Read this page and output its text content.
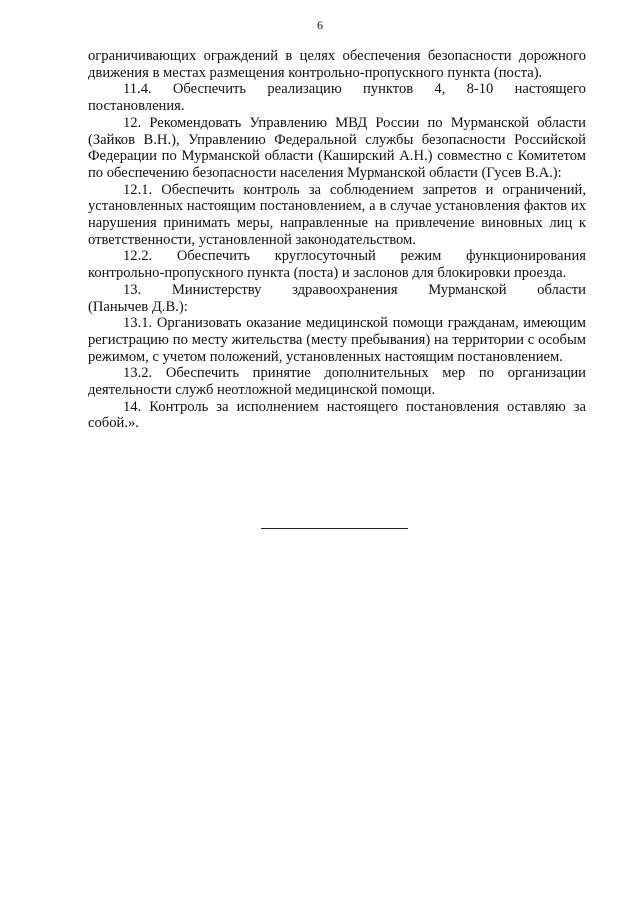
6

ограничивающих ограждений в целях обеспечения безопасности дорожного движения в местах размещения контрольно-пропускного пункта (поста).

11.4. Обеспечить реализацию пунктов 4, 8-10 настоящего

постановления.

12. Рекомендовать Управлению МВД России по Мурманской области (Зайков В.Н.), Управлению Федеральной службы безопасности Российской Федерации по Мурманской области (Каширский А.Н.) совместно с Комитетом по обеспечению безопасности населения Мурманской области (Гусев В.А.):

12.1. Обеспечить контроль за соблюдением запретов и ограничений, установленных настоящим постановлением, а в случае установления фактов их нарушения принимать меры, направленные на привлечение виновных лиц к ответственности, установленной законодательством.

12.2. Обеспечить круглосуточный режим функционирования

контрольно-пропускного пункта (поста) и заслонов для блокировки проезда.

13. Министерству здравоохранения Мурманской области

(Панычев Д.В.):

13.1. Организовать оказание медицинской помощи гражданам, имеющим регистрацию по месту жительства (месту пребывания) на территории с особым режимом, с учетом положений, установленных настоящим постановлением.

13.2. Обеспечить принятие дополнительных мер по организации деятельности служб неотложной медицинской помощи.

14. Контроль за исполнением настоящего постановления оставляю за собой.».
